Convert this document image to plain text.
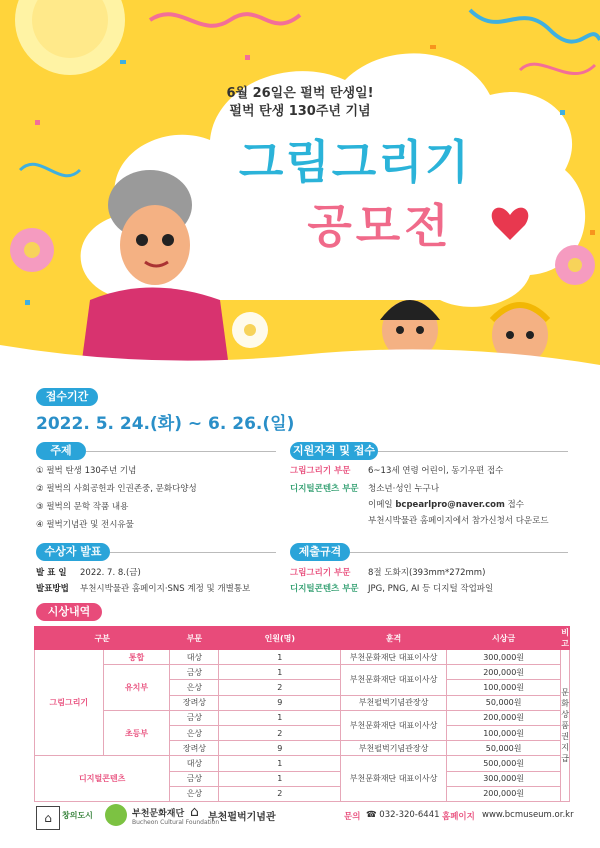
6월 26일은 펄벅 탄생일!
펄벅 탄생 130주년 기념
그림그리기
공모전
접수기간
2022. 5. 24.(화) ~ 6. 26.(일)
주제
① 펄벅 탄생 130주년 기념
② 펄벅의 사회공헌과 인권존중, 문화다양성
③ 펄벅의 문학 작품 내용
④ 펄벅기념관 및 전시유물
지원자격 및 접수
그림그리기 부문 6~13세 연령 어린이, 동기우편 접수
디지털콘텐츠 부문 청소년·성인 누구나
이메일 bcpearlpro@naver.com 접수
부천시박물관 홈페이지에서 참가신청서 다운로드
수상자 발표
발 표 일 2022. 7. 8.(금)
발표방법 부천시박물관 홈페이지·SNS 계정 및 개별통보
제출규격
그림그리기 부문 8절 도화지(393mm*272mm)
디지털콘텐츠 부문 JPG, PNG, AI 등 디지털 작업파일
시상내역
구분		부문	인원(명)	훈격	시상금	비고
그림그리기	통합	대상	1	부천문화재단 대표이사상	300,000원	문화상품권 지급
	유치부	금상	1	부천문화재단 대표이사상	200,000원	
		은상	2		100,000원	
		장려상	9	부천펄벅기념관장상	50,000원	
	초등부	금상	1	부천문화재단 대표이사상	200,000원	
		은상	2		100,000원	
		장려상	9	부천펄벅기념관장상	50,000원	
디지털콘텐츠		대상	1	부천문화재단 대표이사상	500,000원	
		금상	1		300,000원	
		은상	2		200,000원	
⌂	창의도시	부천문화재단
Bucheon Cultural Foundation
⌂ 부천펄벅기념관	문의 ☎ 032-320-6441 홈페이지 www.bcmuseum.or.kr
